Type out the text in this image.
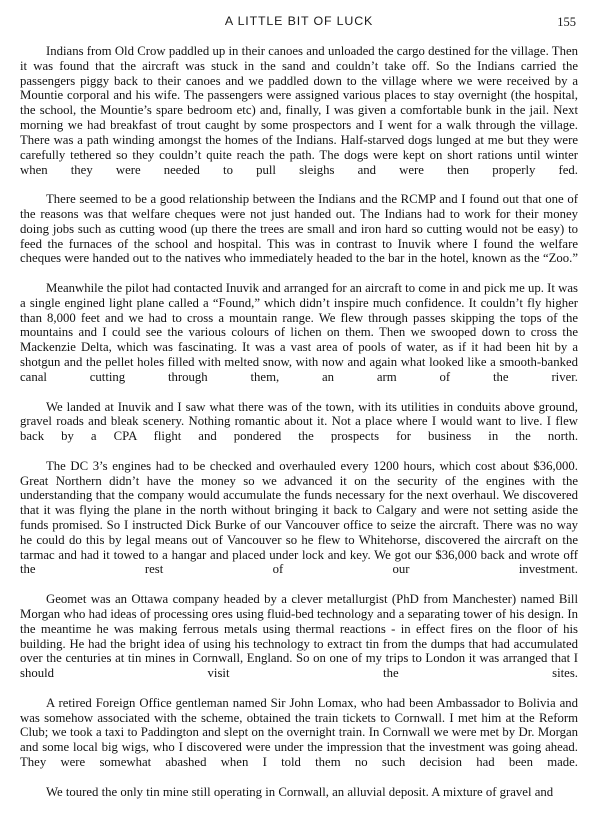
A LITTLE BIT OF LUCK	155

Indians from Old Crow paddled up in their canoes and unloaded the cargo destined for the village. Then it was found that the aircraft was stuck in the sand and couldn’t take off. So the Indians carried the passengers piggy back to their canoes and we paddled down to the village where we were received by a Mountie corporal and his wife. The passengers were assigned various places to stay overnight (the hospital, the school, the Mountie’s spare bedroom etc) and, finally, I was given a comfortable bunk in the jail. Next morning we had breakfast of trout caught by some prospectors and I went for a walk through the village. There was a path winding amongst the homes of the Indians. Half-starved dogs lunged at me but they were carefully tethered so they couldn’t quite reach the path. The dogs were kept on short rations until winter when they were needed to pull sleighs and were then properly fed.

There seemed to be a good relationship between the Indians and the RCMP and I found out that one of the reasons was that welfare cheques were not just handed out. The Indians had to work for their money doing jobs such as cutting wood (up there the trees are small and iron hard so cutting would not be easy) to feed the furnaces of the school and hospital. This was in contrast to Inuvik where I found the welfare cheques were handed out to the natives who immediately headed to the bar in the hotel, known as the “Zoo.”

Meanwhile the pilot had contacted Inuvik and arranged for an aircraft to come in and pick me up. It was a single engined light plane called a “Found,” which didn’t inspire much confidence. It couldn’t fly higher than 8,000 feet and we had to cross a mountain range. We flew through passes skipping the tops of the mountains and I could see the various colours of lichen on them. Then we swooped down to cross the Mackenzie Delta, which was fascinating. It was a vast area of pools of water, as if it had been hit by a shotgun and the pellet holes filled with melted snow, with now and again what looked like a smooth-banked canal cutting through them, an arm of the river.

We landed at Inuvik and I saw what there was of the town, with its utilities in conduits above ground, gravel roads and bleak scenery. Nothing romantic about it. Not a place where I would want to live. I flew back by a CPA flight and pondered the prospects for business in the north.

The DC 3’s engines had to be checked and overhauled every 1200 hours, which cost about $36,000. Great Northern didn’t have the money so we advanced it on the security of the engines with the understanding that the company would accumulate the funds necessary for the next overhaul. We discovered that it was flying the plane in the north without bringing it back to Calgary and were not setting aside the funds promised. So I instructed Dick Burke of our Vancouver office to seize the aircraft. There was no way he could do this by legal means out of Vancouver so he flew to Whitehorse, discovered the aircraft on the tarmac and had it towed to a hangar and placed under lock and key. We got our $36,000 back and wrote off the rest of our investment.

Geomet was an Ottawa company headed by a clever metallurgist (PhD from Manchester) named Bill Morgan who had ideas of processing ores using fluid-bed technology and a separating tower of his design. In the meantime he was making ferrous metals using thermal reactions - in effect fires on the floor of his building. He had the bright idea of using his technology to extract tin from the dumps that had accumulated over the centuries at tin mines in Cornwall, England. So on one of my trips to London it was arranged that I should visit the sites.

A retired Foreign Office gentleman named Sir John Lomax, who had been Ambassador to Bolivia and was somehow associated with the scheme, obtained the train tickets to Cornwall. I met him at the Reform Club; we took a taxi to Paddington and slept on the overnight train. In Cornwall we were met by Dr. Morgan and some local big wigs, who I discovered were under the impression that the investment was going ahead. They were somewhat abashed when I told them no such decision had been made.

We toured the only tin mine still operating in Cornwall, an alluvial deposit. A mixture of gravel and
